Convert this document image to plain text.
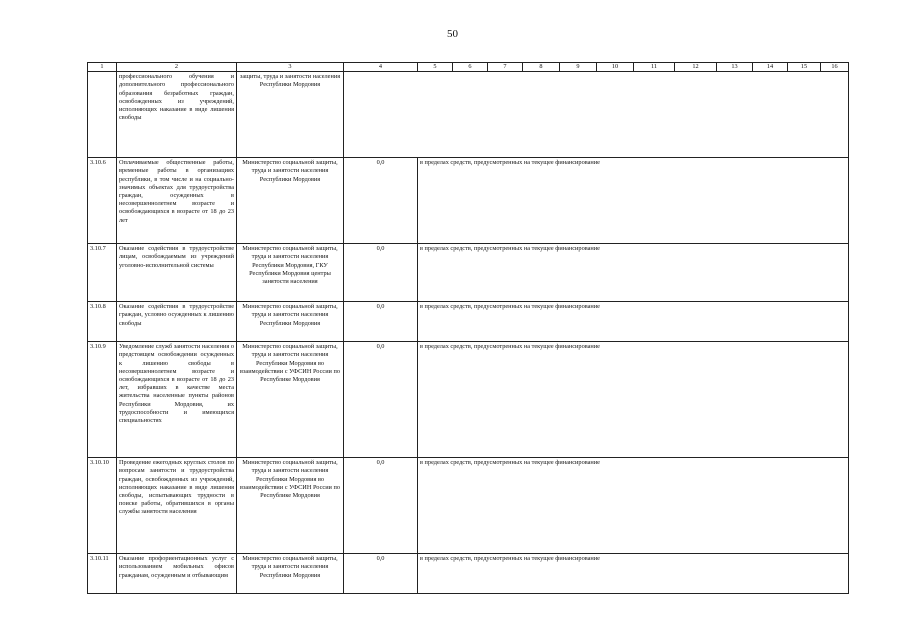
50
1	2	3	4	5	6	7	8	9	10	11	12	13	14	15	16
	профессионального обучения и дополнительного профессионального образования безработных граждан, освобожденных из учреждений, исполняющих наказание в виде лишения свободы	защиты, труда и занятости населения Республики Мордовия													
3.10.6	Оплачиваемые общественные работы, временные работы в организациях республики, в том числе и на социально-значимых объектах для трудоустройства граждан, осужденных в несовершеннолетнем возрасте и освобождающихся в возрасте от 18 до 23 лет	Министерство социальной защиты, труда и занятости населения Республики Мордовия	0,0	в пределах средств, предусмотренных на текущее финансирование											
3.10.7	Оказание содействия в трудоустройстве лицам, освобождаемым из учреждений уголовно-исполнительной системы	Министерство социальной защиты, труда и занятости населения Республики Мордовия, ГКУ Республики Мордовия центры занятости населения	0,0	в пределах средств, предусмотренных на текущее финансирование											
3.10.8	Оказание содействия в трудоустройстве граждан, условно осужденных к лишению свободы	Министерство социальной защиты, труда и занятости населения Республики Мордовия	0,0	в пределах средств, предусмотренных на текущее финансирование											
3.10.9	Уведомление служб занятости населения о предстоящем освобождении осужденных к лишению свободы в несовершеннолетнем возрасте и освобождающихся в возрасте от 18 до 23 лет, избравших в качестве места жительства населенные пункты районов Республики Мордовия, их трудоспособности и имеющихся специальностях	Министерство социальной защиты, труда и занятости населения Республики Мордовия во взаимодействии с УФСИН России по Республике Мордовия	0,0	в пределах средств, предусмотренных на текущее финансирование											
3.10.10	Проведение ежегодных круглых столов по вопросам занятости и трудоустройства граждан, освобожденных из учреждений, исполняющих наказание в виде лишения свободы, испытывающих трудности в поиске работы, обратившихся в органы службы занятости населения	Министерство социальной защиты, труда и занятости населения Республики Мордовия во взаимодействии с УФСИН России по Республике Мордовия	0,0	в пределах средств, предусмотренных на текущее финансирование											
3.10.11	Оказание профориентационных услуг с использованием мобильных офисов гражданам, осужденным и отбывающим	Министерство социальной защиты, труда и занятости населения Республики Мордовия	0,0	в пределах средств, предусмотренных на текущее финансирование											
